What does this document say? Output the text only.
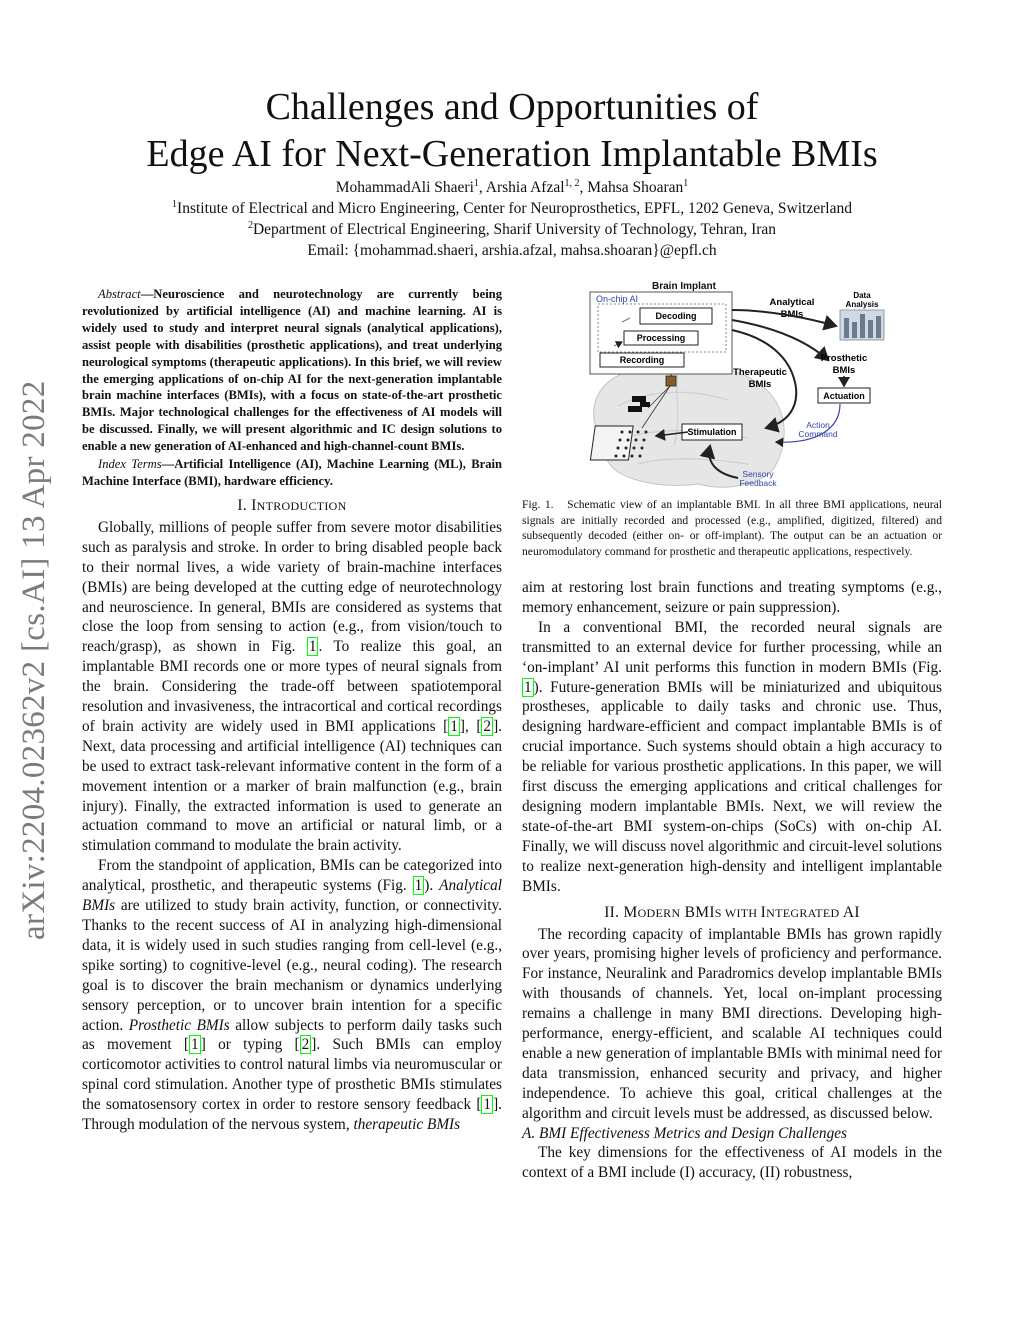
arXiv:2204.02362v2 [cs.AI] 13 Apr 2022
Challenges and Opportunities of
Edge AI for Next-Generation Implantable BMIs
MohammadAli Shaeri$^1$, Arshia Afzal$^{1, 2}$, Mahsa Shoaran$^1$
$^1$Institute of Electrical and Micro Engineering, Center for Neuroprosthetics, EPFL, 1202 Geneva, Switzerland
$^2$Department of Electrical Engineering, Sharif University of Technology, Tehran, Iran
Email: {mohammad.shaeri, arshia.afzal, mahsa.shoaran}@epfl.ch

Abstract—Neuroscience and neurotechnology are currently being revolutionized by artificial intelligence (AI) and machine learning. AI is widely used to study and interpret neural signals (analytical applications), assist people with disabilities (prosthetic applications), and treat underlying neurological symptoms (therapeutic applications). In this brief, we will review the emerging applications of on-chip AI for the next-generation implantable brain machine interfaces (BMIs), with a focus on state-of-the-art prosthetic BMIs. Major technological challenges for the effectiveness of AI models will be discussed. Finally, we will present algorithmic and IC design solutions to enable a new generation of AI-enhanced and high-channel-count BMIs.

Index Terms—Artificial Intelligence (AI), Machine Learning (ML), Brain Machine Interface (BMI), hardware efficiency.
I. INTRODUCTION

Globally, millions of people suffer from severe motor disabilities such as paralysis and stroke. In order to bring disabled people back to their normal lives, a wide variety of brain-machine interfaces (BMIs) are being developed at the cutting edge of neurotechnology and neuroscience. In general, BMIs are considered as systems that close the loop from sensing to action (e.g., from vision/touch to reach/grasp), as shown in Fig. 1 . To realize this goal, an implantable BMI records one or more types of neural signals from the brain. Considering the trade-off between spatiotemporal resolution and invasiveness, the intracortical and cortical recordings of brain activity are widely used in BMI applications [ 1 ], [ 2 ]. Next, data processing and artificial intelligence (AI) techniques can be used to extract task-relevant informative content in the form of a movement intention or a marker of brain malfunction (e.g., brain injury). Finally, the extracted information is used to generate an actuation command to move an artificial or natural limb, or a stimulation command to modulate the brain activity.

From the standpoint of application, BMIs can be categorized into analytical, prosthetic, and therapeutic systems (Fig. 1 ). Analytical BMIs are utilized to study brain activity, function, or connectivity. Thanks to the recent success of AI in analyzing high-dimensional data, it is widely used in such studies ranging from cell-level (e.g., spike sorting) to cognitive-level (e.g., neural coding). The research goal is to discover the brain mechanism or dynamics underlying sensory perception, or to uncover brain intention for a specific action. Prosthetic BMIs allow subjects to perform daily tasks such as movement [ 1 ] or typing [ 2 ]. Such BMIs can employ corticomotor activities to control natural limbs via neuromuscular or spinal cord stimulation. Another type of prosthetic BMIs stimulates the somatosensory cortex in order to restore sensory feedback [ 1 ]. Through modulation of the nervous system, therapeutic BMIs

Brain Implant
On-chip AI
Decoding
Processing
Recording
Analytical
BMIs
Data
Analysis
Prosthetic
BMIs
Actuation
Action
Command
Therapeutic
BMIs
Stimulation
Sensory
Feedback
Fig. 1. Schematic view of an implantable BMI. In all three BMI applications, neural signals are initially recorded and processed (e.g., amplified, digitized, filtered) and subsequently decoded (either on- or off-implant). The output can be an actuation or neuromodulatory command for prosthetic and therapeutic applications, respectively.

aim at restoring lost brain functions and treating symptoms (e.g., memory enhancement, seizure or pain suppression).

In a conventional BMI, the recorded neural signals are transmitted to an external device for further processing, while an ‘on-implant’ AI unit performs this function in modern BMIs (Fig. 1 ). Future-generation BMIs will be miniaturized and ubiquitous prostheses, applicable to daily tasks and chronic use. Thus, designing hardware-efficient and compact implantable BMIs is of crucial importance. Such systems should obtain a high accuracy to be reliable for various prosthetic applications. In this paper, we will first discuss the emerging applications and critical challenges for designing modern implantable BMIs. Next, we will review the state-of-the-art BMI system-on-chips (SoCs) with on-chip AI. Finally, we will discuss novel algorithmic and circuit-level solutions to realize next-generation high-density and intelligent implantable BMIs.

II. MODERN BMIS WITH INTEGRATED AI

The recording capacity of implantable BMIs has grown rapidly over years, promising higher levels of proficiency and performance. For instance, Neuralink and Paradromics develop implantable BMIs with thousands of channels. Yet, local on-implant processing remains a challenge in many BMI directions. Developing high-performance, energy-efficient, and scalable AI techniques could enable a new generation of implantable BMIs with minimal need for data transmission, enhanced security and privacy, and higher independence. To achieve this goal, critical challenges at the algorithm and circuit levels must be addressed, as discussed below.

A. BMI Effectiveness Metrics and Design Challenges

The key dimensions for the effectiveness of AI models in the context of a BMI include (I) accuracy, (II) robustness,
